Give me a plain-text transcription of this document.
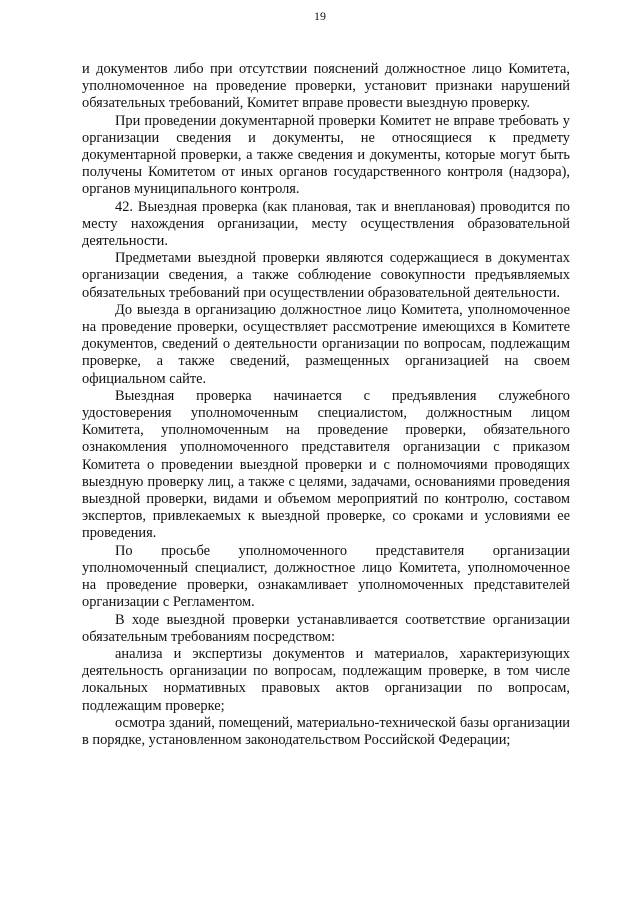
19

и документов либо при отсутствии пояснений должностное лицо Комитета, уполномоченное на проведение проверки, установит признаки нарушений обязательных требований, Комитет вправе провести выездную проверку.

При проведении документарной проверки Комитет не вправе требовать у организации сведения и документы, не относящиеся к предмету документарной проверки, а также сведения и документы, которые могут быть получены Комитетом от иных органов государственного контроля (надзора), органов муниципального контроля.

42. Выездная проверка (как плановая, так и внеплановая) проводится по месту нахождения организации, месту осуществления образовательной деятельности.

Предметами выездной проверки являются содержащиеся в документах организации сведения, а также соблюдение совокупности предъявляемых обязательных требований при осуществлении образовательной деятельности.

До выезда в организацию должностное лицо Комитета, уполномоченное на проведение проверки, осуществляет рассмотрение имеющихся в Комитете документов, сведений о деятельности организации по вопросам, подлежащим проверке, а также сведений, размещенных организацией на своем официальном сайте.

Выездная проверка начинается с предъявления служебного удостоверения уполномоченным специалистом, должностным лицом Комитета, уполномоченным на проведение проверки, обязательного ознакомления уполномоченного представителя организации с приказом Комитета о проведении выездной проверки и с полномочиями проводящих выездную проверку лиц, а также с целями, задачами, основаниями проведения выездной проверки, видами и объемом мероприятий по контролю, составом экспертов, привлекаемых к выездной проверке, со сроками и условиями ее проведения.

По просьбе уполномоченного представителя организации уполномоченный специалист, должностное лицо Комитета, уполномоченное на проведение проверки, ознакамливает уполномоченных представителей организации с Регламентом.

В ходе выездной проверки устанавливается соответствие организации обязательным требованиям посредством:

анализа и экспертизы документов и материалов, характеризующих деятельность организации по вопросам, подлежащим проверке, в том числе локальных нормативных правовых актов организации по вопросам, подлежащим проверке;

осмотра зданий, помещений, материально-технической базы организации в порядке, установленном законодательством Российской Федерации;
